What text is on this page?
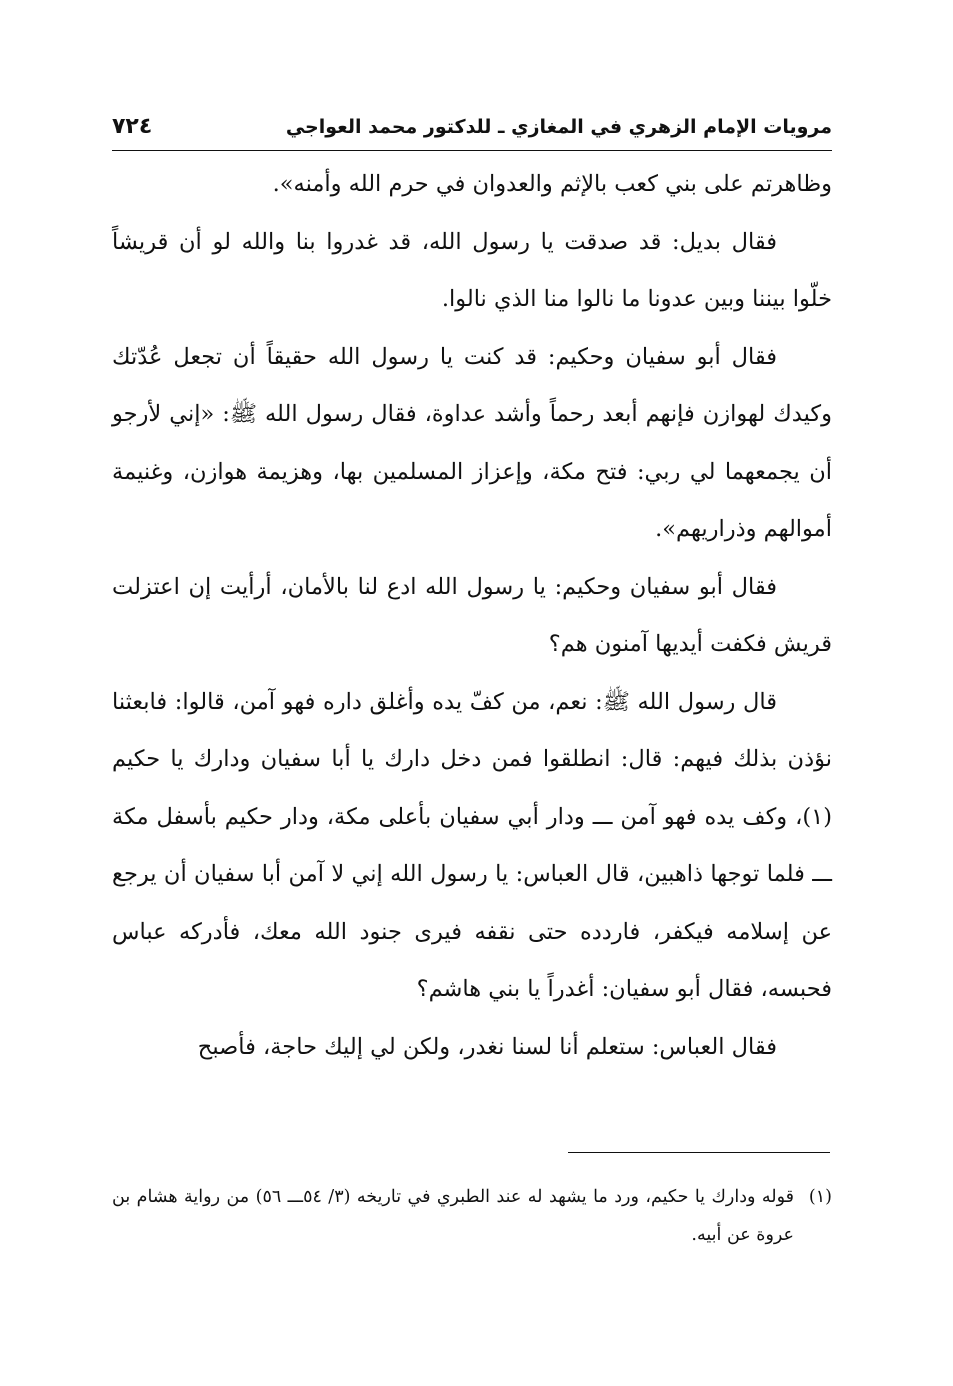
مرويات الإمام الزهري في المغازي ـ للدكتور محمد العواجي
٧٢٤

وظاهرتم على بني كعب بالإثم والعدوان في حرم الله وأمنه».

فقال بديل: قد صدقت يا رسول الله، قد غدروا بنا والله لو أن قريشاً خلّوا بيننا وبين عدونا ما نالوا منا الذي نالوا.

فقال أبو سفيان وحكيم: قد كنت يا رسول الله حقيقاً أن تجعل عُدّتك وكيدك لهوازن فإنهم أبعد رحماً وأشد عداوة، فقال رسول الله ﷺ: «إني لأرجو أن يجمعهما لي ربي: فتح مكة، وإعزاز المسلمين بها، وهزيمة هوازن، وغنيمة أموالهم وذراريهم».

فقال أبو سفيان وحكيم: يا رسول الله ادع لنا بالأمان، أرأيت إن اعتزلت قريش فكفت أيديها آمنون هم؟

قال رسول الله ﷺ: نعم، من كفّ يده وأغلق داره فهو آمن، قالوا: فابعثنا نؤذن بذلك فيهم: قال: انطلقوا فمن دخل دارك يا أبا سفيان ودارك يا حكيم (١)، وكف يده فهو آمن ـــ ودار أبي سفيان بأعلى مكة، ودار حكيم بأسفل مكة ـــ فلما توجها ذاهبين، قال العباس: يا رسول الله إني لا آمن أبا سفيان أن يرجع عن إسلامه فيكفر، فاردده حتى نقفه فيرى جنود الله معك، فأدركه عباس فحبسه، فقال أبو سفيان: أغدراً يا بني هاشم؟

فقال العباس: ستعلم أنا لسنا نغدر، ولكن لي إليك حاجة، فأصبح

(١)قوله ودارك يا حكيم، ورد ما يشهد له عند الطبري في تاريخه (٣/ ٥٤ـــ ٥٦) من رواية هشام بن عروة عن أبيه.
